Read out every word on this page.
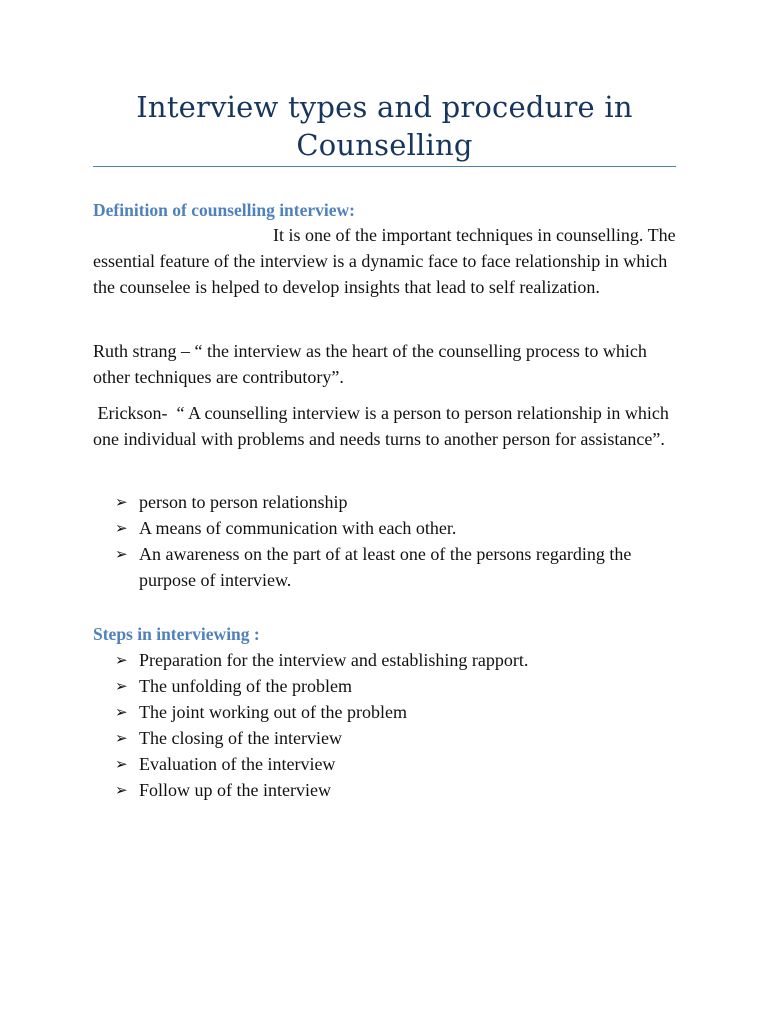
Interview types and procedure in Counselling
Definition of counselling interview:

It is one of the important techniques in counselling. The essential feature of the interview is a dynamic face to face relationship in which the counselee is helped to develop insights that lead to self realization.

Ruth strang – “ the interview as the heart of the counselling process to which other techniques are contributory”.

Erickson-  “ A counselling interview is a person to person relationship in which one individual with problems and needs turns to another person for assistance”.

➢ person to person relationship
➢ A means of communication with each other.
➢ An awareness on the part of at least one of the persons regarding the purpose of interview.
Steps in interviewing :
➢ Preparation for the interview and establishing rapport.
➢ The unfolding of the problem
➢ The joint working out of the problem
➢ The closing of the interview
➢ Evaluation of the interview
➢ Follow up of the interview
